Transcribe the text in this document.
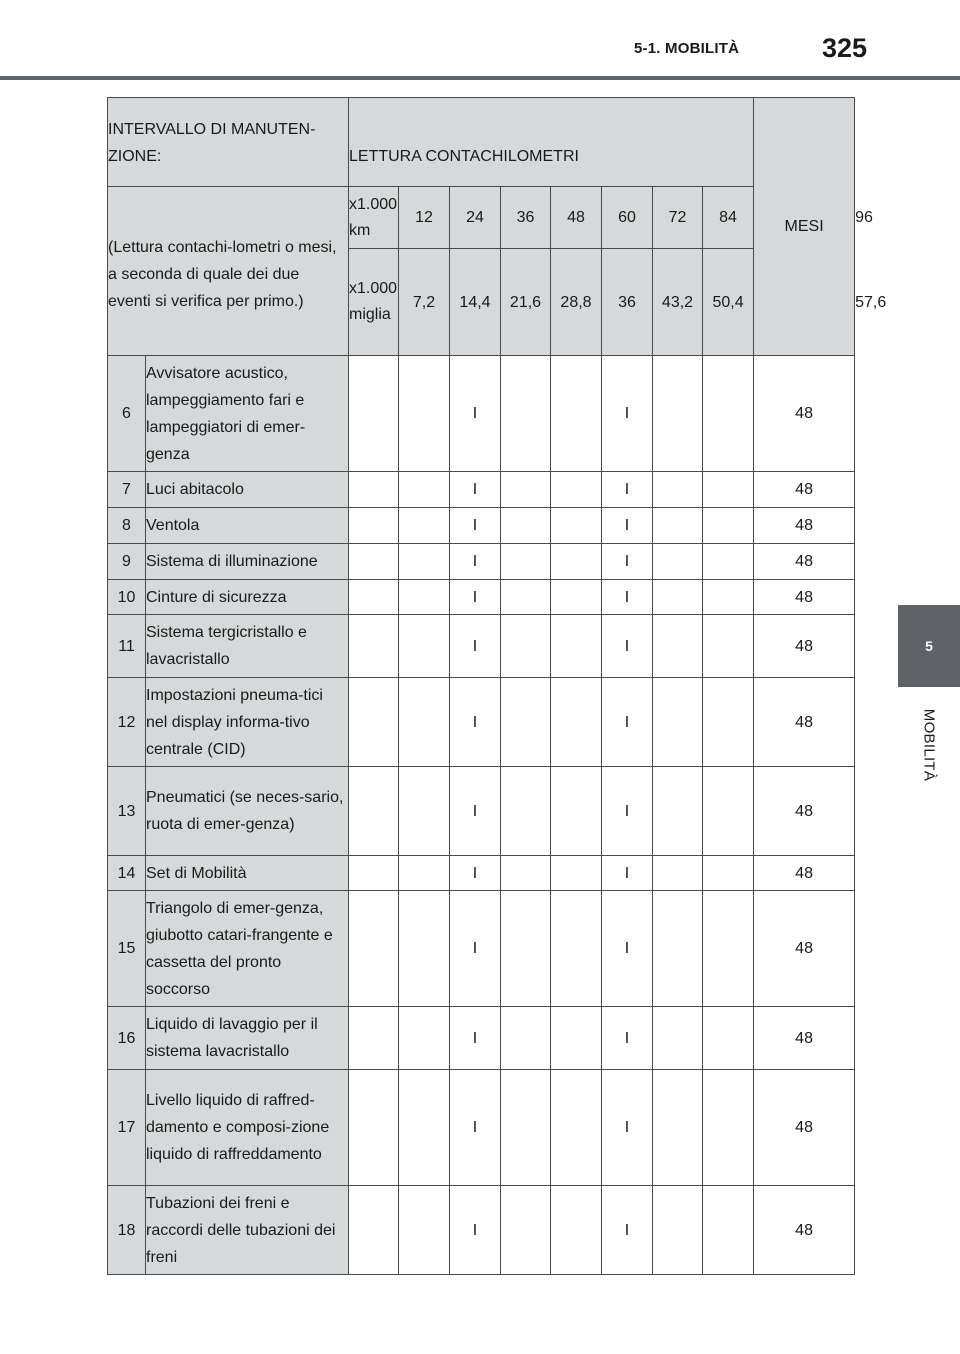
5-1. MOBILITÀ	325
5
MOBILITÀ
INTERVALLO DI MANUTEN-ZIONE:		LETTURA CONTACHILOMETRI								MESI	

(Lettura contachi-lometri o mesi, a seconda di quale dei due eventi si verifica per primo.)		x1.000 km	12	24	36	48	60	72	84		96
		x1.000 miglia	7,2	14,4	21,6	28,8	36	43,2	50,4		57,6
6	Avvisatore acustico, lampeggiamento fari e lampeggiatori di emer-genza			I			I			48	
7	Luci abitacolo			I			I			48	
8	Ventola			I			I			48	
9	Sistema di illuminazione			I			I			48	
10	Cinture di sicurezza			I			I			48	
11	Sistema tergicristallo e lavacristallo			I			I			48	
12	Impostazioni pneuma-tici nel display informa-tivo centrale (CID)			I			I			48	
13	Pneumatici (se neces-sario, ruota di emer-genza)			I			I			48	
14	Set di Mobilità			I			I			48	
15	Triangolo di emer-genza, giubotto catari-frangente e cassetta del pronto soccorso			I			I			48	
16	Liquido di lavaggio per il sistema lavacristallo			I			I			48	
17	Livello liquido di raffred-damento e composi-zione liquido di raffreddamento			I			I			48	
18	Tubazioni dei freni e raccordi delle tubazioni dei freni			I			I			48	
